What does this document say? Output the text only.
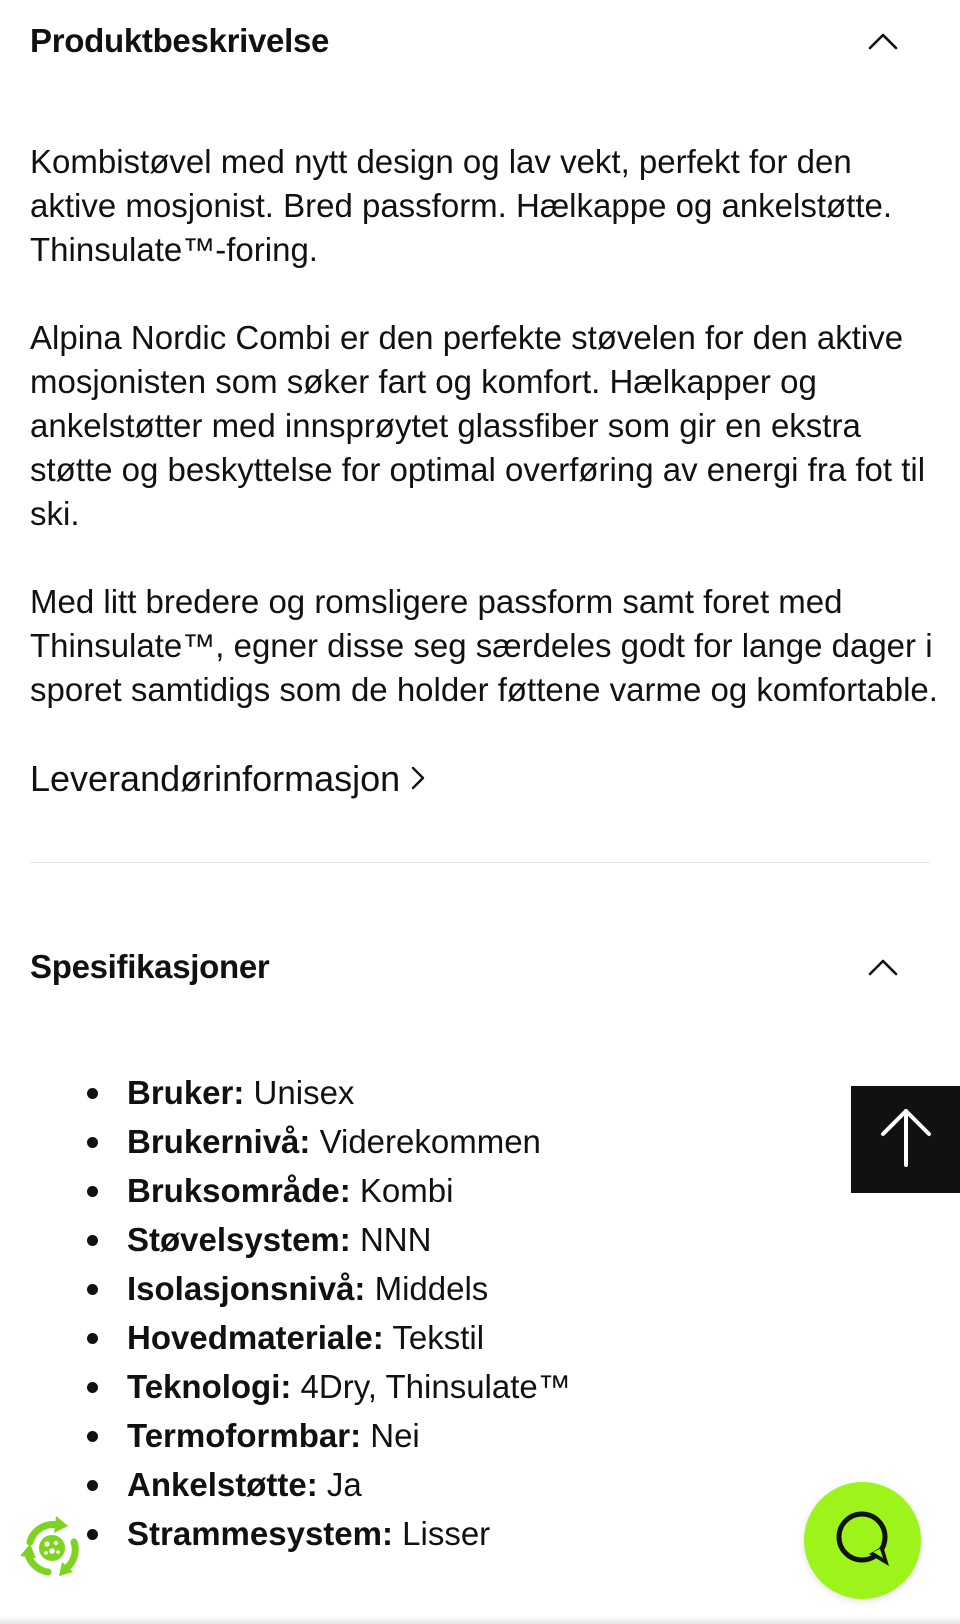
Produktbeskrivelse

Kombistøvel med nytt design og lav vekt, perfekt for den aktive mosjonist. Bred passform. Hælkappe og ankelstøtte. Thinsulate™-foring.

Alpina Nordic Combi er den perfekte støvelen for den aktive mosjonisten som søker fart og komfort. Hælkapper og ankelstøtter med innsprøytet glassfiber som gir en ekstra støtte og beskyttelse for optimal overføring av energi fra fot til ski.

Med litt bredere og romsligere passform samt foret med Thinsulate™, egner disse seg særdeles godt for lange dager i sporet samtidigs som de holder føttene varme og komfortable.

Leverandørinformasjon
Spesifikasjoner
Bruker: Unisex
Brukernivå: Viderekommen
Bruksområde: Kombi
Støvelsystem: NNN
Isolasjonsnivå: Middels
Hovedmateriale: Tekstil
Teknologi: 4Dry, Thinsulate™
Termoformbar: Nei
Ankelstøtte: Ja
Strammesystem: Lisser
